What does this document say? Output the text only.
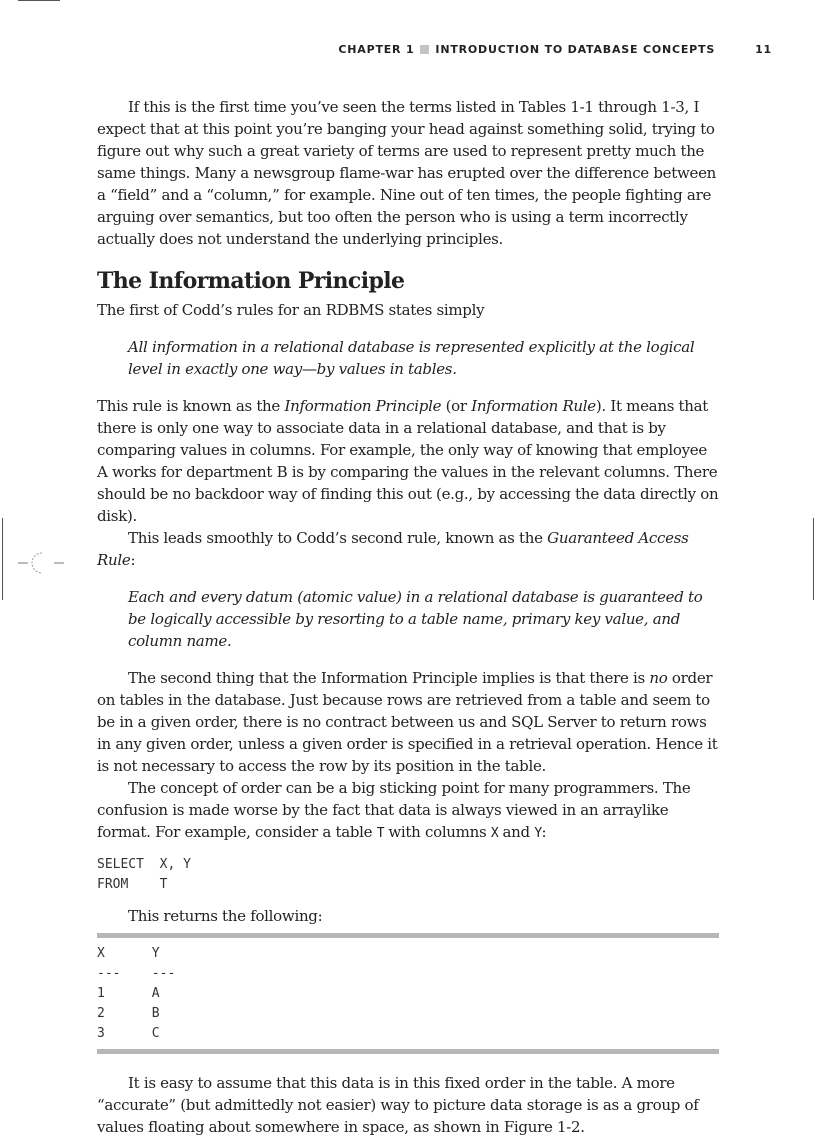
CHAPTER 1 INTRODUCTION TO DATABASE CONCEPTS	11

If this is the first time you’ve seen the terms listed in Tables 1-1 through 1-3, I expect that at this point you’re banging your head against something solid, trying to figure out why such a great variety of terms are used to represent pretty much the same things. Many a newsgroup flame-war has erupted over the difference between a “field” and a “column,” for example. Nine out of ten times, the people fighting are arguing over semantics, but too often the person who is using a term incorrectly actually does not understand the underlying principles.

The Information Principle

The first of Codd’s rules for an RDBMS states simply

All information in a relational database is represented explicitly at the logical level in exactly one way—by values in tables.

This rule is known as the Information Principle (or Information Rule). It means that there is only one way to associate data in a relational database, and that is by comparing values in columns. For example, the only way of knowing that employee A works for department B is by comparing the values in the relevant columns. There should be no backdoor way of finding this out (e.g., by accessing the data directly on disk).

This leads smoothly to Codd’s second rule, known as the Guaranteed Access Rule:

Each and every datum (atomic value) in a relational database is guaranteed to be logically accessible by resorting to a table name, primary key value, and column name.

The second thing that the Information Principle implies is that there is no order on tables in the database. Just because rows are retrieved from a table and seem to be in a given order, there is no contract between us and SQL Server to return rows in any given order, unless a given order is specified in a retrieval operation. Hence it is not necessary to access the row by its position in the table.

The concept of order can be a big sticking point for many programmers. The confusion is made worse by the fact that data is always viewed in an arraylike format. For example, consider a table T with columns X and Y:

SELECT  X, Y
FROM    T

This returns the following:

X      Y
---    ---
1      A
2      B
3      C

It is easy to assume that this data is in this fixed order in the table. A more “accurate” (but admittedly not easier) way to picture data storage is as a group of values floating about somewhere in space, as shown in Figure 1-2.
